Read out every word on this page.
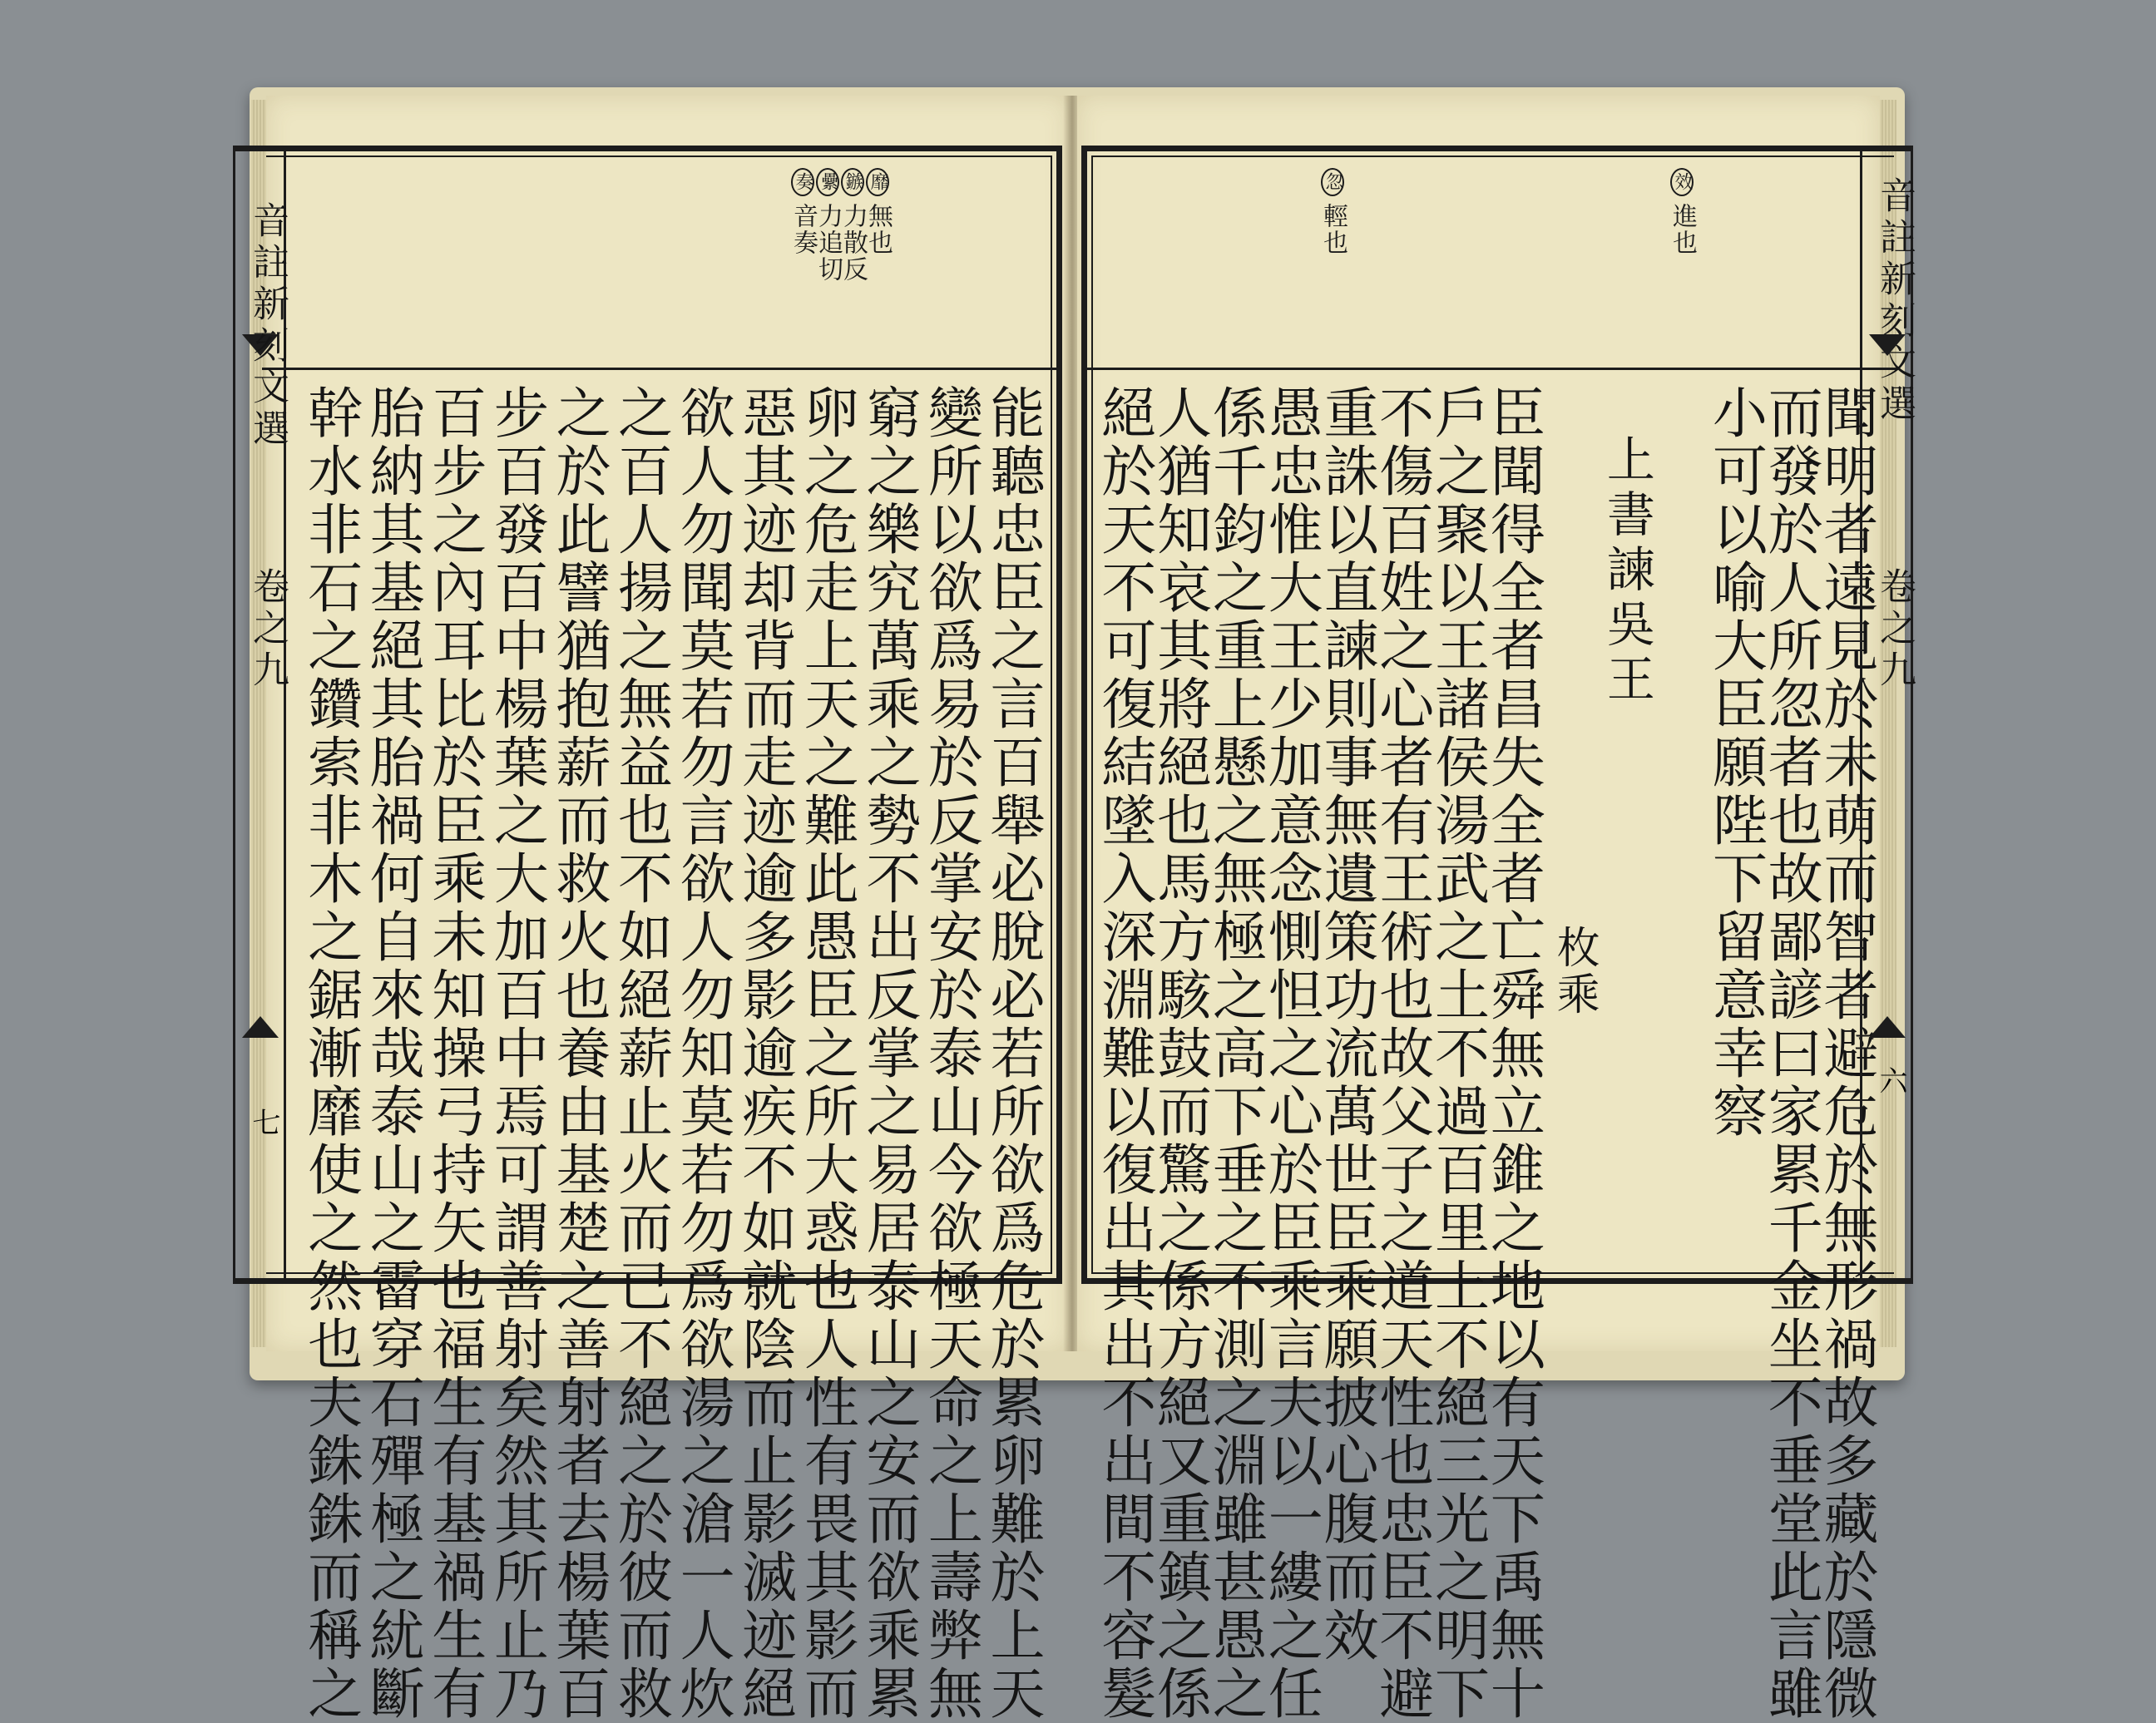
奏音奏
纍力追切
鏃力散反
靡無也
能聽忠臣之言百舉必脫必若所欲爲危於累卵難於上天
變所以欲爲易於反掌安於泰山今欲極天命之上壽弊無
窮之樂究萬乘之勢不出反掌之易居泰山之安而欲乘累
卵之危走上天之難此愚臣之所大惑也人性有畏其影而
惡其迹却背而走迹逾多影逾疾不如就陰而止影滅迹絕
欲人勿聞莫若勿言欲人勿知莫若勿爲欲湯之滄一人炊
之百人揚之無益也不如絕薪止火而已不絕之於彼而救
之於此譬猶抱薪而救火也養由基楚之善射者去楊葉百
步百發百中楊葉之大加百中焉可謂善射矣然其所止乃
百步之內耳比於臣乘未知操弓持矢也福生有基禍生有
胎納其基絕其胎禍何自來哉泰山之霤穿石殫極之紌斷
幹水非石之鑽索非木之鋸漸靡使之然也夫銖銖而稱之
音註新刻文選
卷之九
七
忽輕也
效進也
聞明者遠見於未萌而智者避危於無形禍故多藏於隱微
而發於人所忽者也故鄙諺曰家累千金坐不垂堂此言雖
小可以喻大臣願陛下留意幸察
上書諫吳王
枚乘
臣聞得全者昌失全者亡舜無立錐之地以有天下禹無十
戶之聚以王諸侯湯武之土不過百里上不絕三光之明下
不傷百姓之心者有王術也故父子之道天性也忠臣不避
重誅以直諫則事無遺策功流萬世臣乘願披心腹而效
愚忠惟大王少加意念惻怛之心於臣乘言夫以一縷之任
係千鈞之重上懸之無極之高下垂之不測之淵雖甚愚之
人猶知哀其將絕也馬方駭鼓而驚之係方絕又重鎮之係
絕於天不可復結墜入深淵難以復出其出不出間不容髮
音註新刻文選
卷之九
六
